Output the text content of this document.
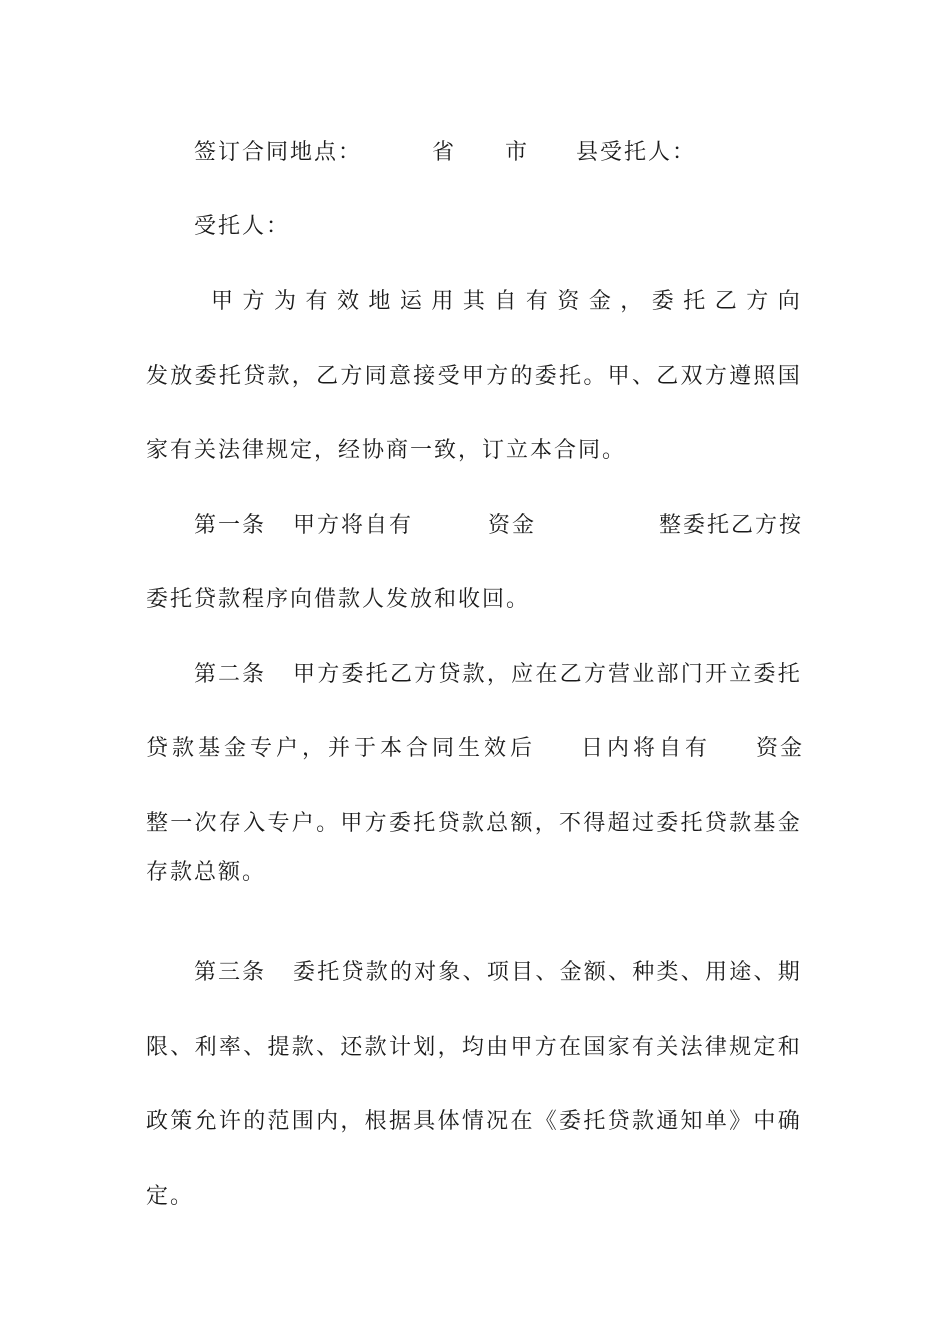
签订合同地点：	省 市 县受托人：
受托人：
甲 方 为 有 效 地 运 用 其 自 有 资 金 ， 委 托 乙 方 向
发 放 委 托 贷 款 ， 乙 方 同 意 接 受 甲 方 的 委 托 。 甲 、 乙 双 方 遵 照 国
家有关法律规定，经协商一致，订立本合同。
第一条 甲方将自有	资金	整委托乙方按
委托贷款程序向借款人发放和收回。
第二条 甲 方 委 托 乙 方 贷 款 ， 应 在 乙 方 营 业 部 门 开 立 委 托
贷款基金专户，并于本合同生效后 日内将自有 资金
整 一 次 存 入 专 户 。 甲 方 委 托 贷 款 总 额 ， 不 得 超 过 委 托 贷 款 基 金
存款总额。
第三条 委 托 贷 款 的 对 象 、 项 目 、 金 额 、 种 类 、 用 途 、 期
限 、 利 率 、 提 款 、 还 款 计 划 ， 均 由 甲 方 在 国 家 有 关 法 律 规 定 和
政 策 允 许 的 范 围 内 ， 根 据 具 体 情 况 在 《 委 托 贷 款 通 知 单 》 中 确
定。
